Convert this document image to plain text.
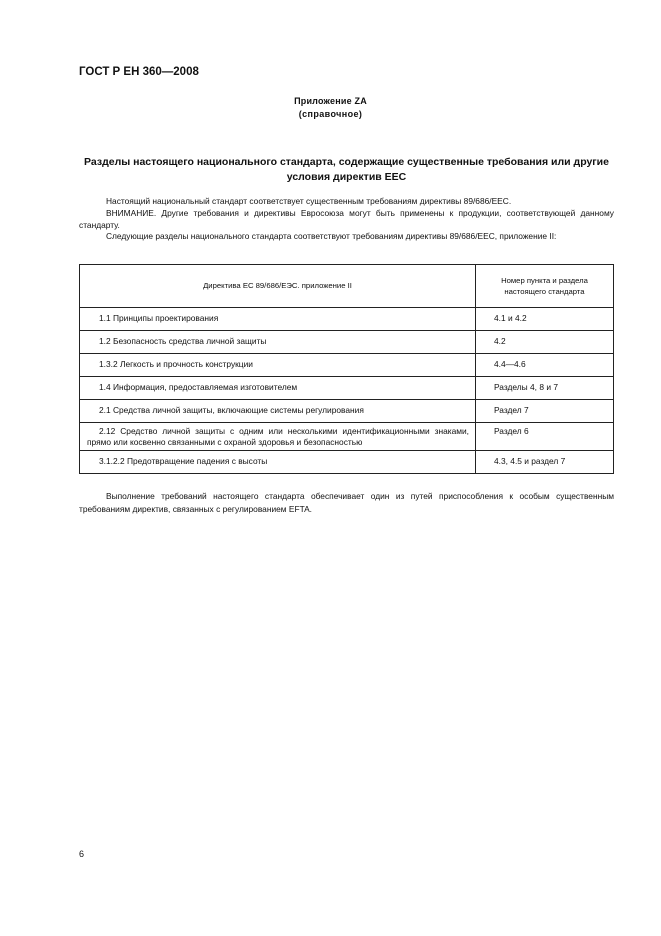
ГОСТ Р ЕН 360—2008
Приложение ZA
(справочное)
Разделы настоящего национального стандарта, содержащие существенные требования или другие условия директив ЕЕС

Настоящий национальный стандарт соответствует существенным требованиям директивы 89/686/EEC.

ВНИМАНИЕ. Другие требования и директивы Евросоюза могут быть применены к продукции, соответствующей данному стандарту.

Следующие разделы национального стандарта соответствуют требованиям директивы 89/686/EEC, приложение II:

Директива ЕС 89/686/ЕЭС. приложение II	Номер пункта и раздела настоящего стандарта
1.1 Принципы проектирования	4.1 и 4.2
1.2 Безопасность средства личной защиты	4.2
1.3.2 Легкость и прочность конструкции	4.4—4.6
1.4 Информация, предоставляемая изготовителем	Разделы 4, 8 и 7
2.1 Средства личной защиты, включающие системы регулирования	Раздел 7
2.12 Средство личной защиты с одним или несколькими идентификационными знаками, прямо или косвенно связанными с охраной здоровья и безопасностью	Раздел 6
3.1.2.2 Предотвращение падения с высоты	4.3, 4.5 и раздел 7

Выполнение требований настоящего стандарта обеспечивает один из путей приспособления к особым существенным требованиям директив, связанных с регулированием EFTA.

6
